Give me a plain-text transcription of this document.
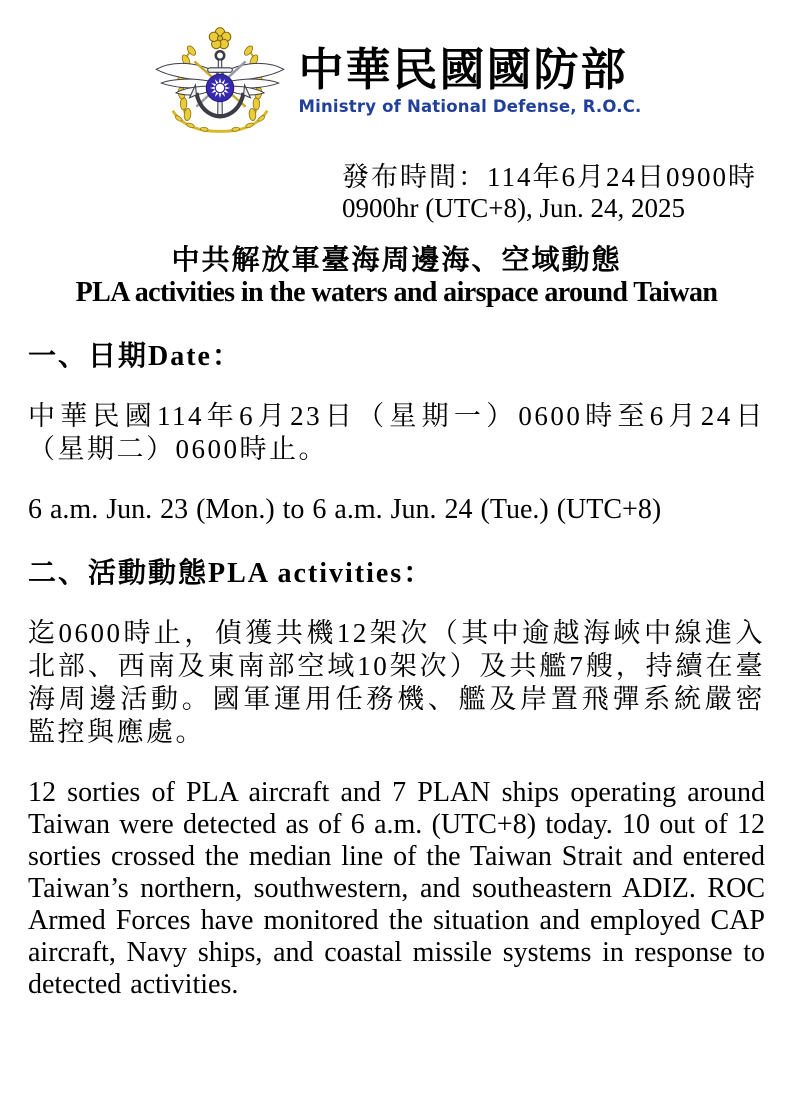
中華民國國防部
Ministry of National Defense, R.O.C.
發布時間：114年6月24日0900時
0900hr (UTC+8), Jun. 24, 2025
中共解放軍臺海周邊海、空域動態
PLA activities in the waters and airspace around Taiwan
一、日期Date：

中華民國114年6月23日（星期一）0600時至6月24日（星期二）0600時止。

6 a.m. Jun. 23 (Mon.) to 6 a.m. Jun. 24 (Tue.) (UTC+8)

二、活動動態PLA activities：

迄0600時止，偵獲共機12架次（其中逾越海峽中線進入北部、西南及東南部空域10架次）及共艦7艘，持續在臺海周邊活動。國軍運用任務機、艦及岸置飛彈系統嚴密監控與應處。

12 sorties of PLA aircraft and 7 PLAN ships operating around Taiwan were detected as of 6 a.m. (UTC+8) today. 10 out of 12 sorties crossed the median line of the Taiwan Strait and entered Taiwan’s northern, southwestern, and southeastern ADIZ. ROC Armed Forces have monitored the situation and employed CAP aircraft, Navy ships, and coastal missile systems in response to detected activities.
